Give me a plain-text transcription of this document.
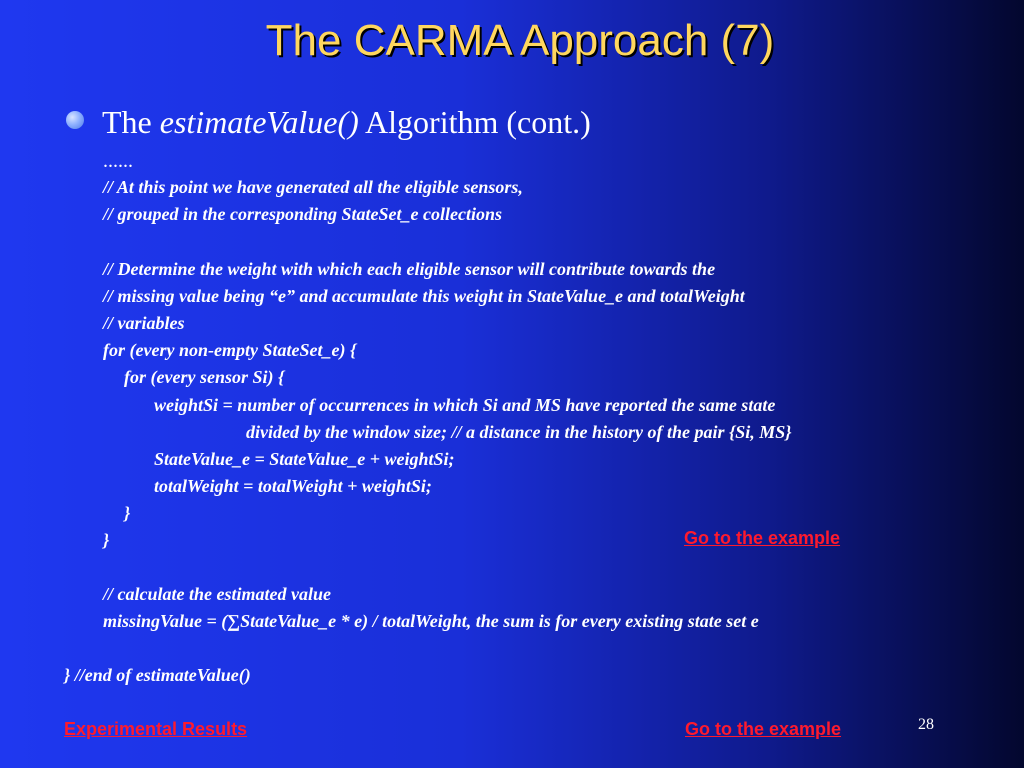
The CARMA Approach (7)
The estimateValue() Algorithm (cont.)
......
// At this point we have generated all the eligible sensors,
// grouped in the corresponding StateSet_e collections
// Determine the weight with which each eligible sensor will contribute towards the
// missing value being “e” and accumulate this weight in StateValue_e and totalWeight
// variables
for (every non-empty StateSet_e) {
for (every sensor Si) {
weightSi = number of occurrences in which Si and MS have reported the same state
divided by the window size; // a distance in the history of the pair {Si, MS}
StateValue_e = StateValue_e + weightSi;
totalWeight = totalWeight + weightSi;
}
}	Go to the example
// calculate the estimated value
missingValue = (∑StateValue_e * e) / totalWeight, the sum is for every existing state set e
} //end of estimateValue()
Experimental Results	Go to the example	28
